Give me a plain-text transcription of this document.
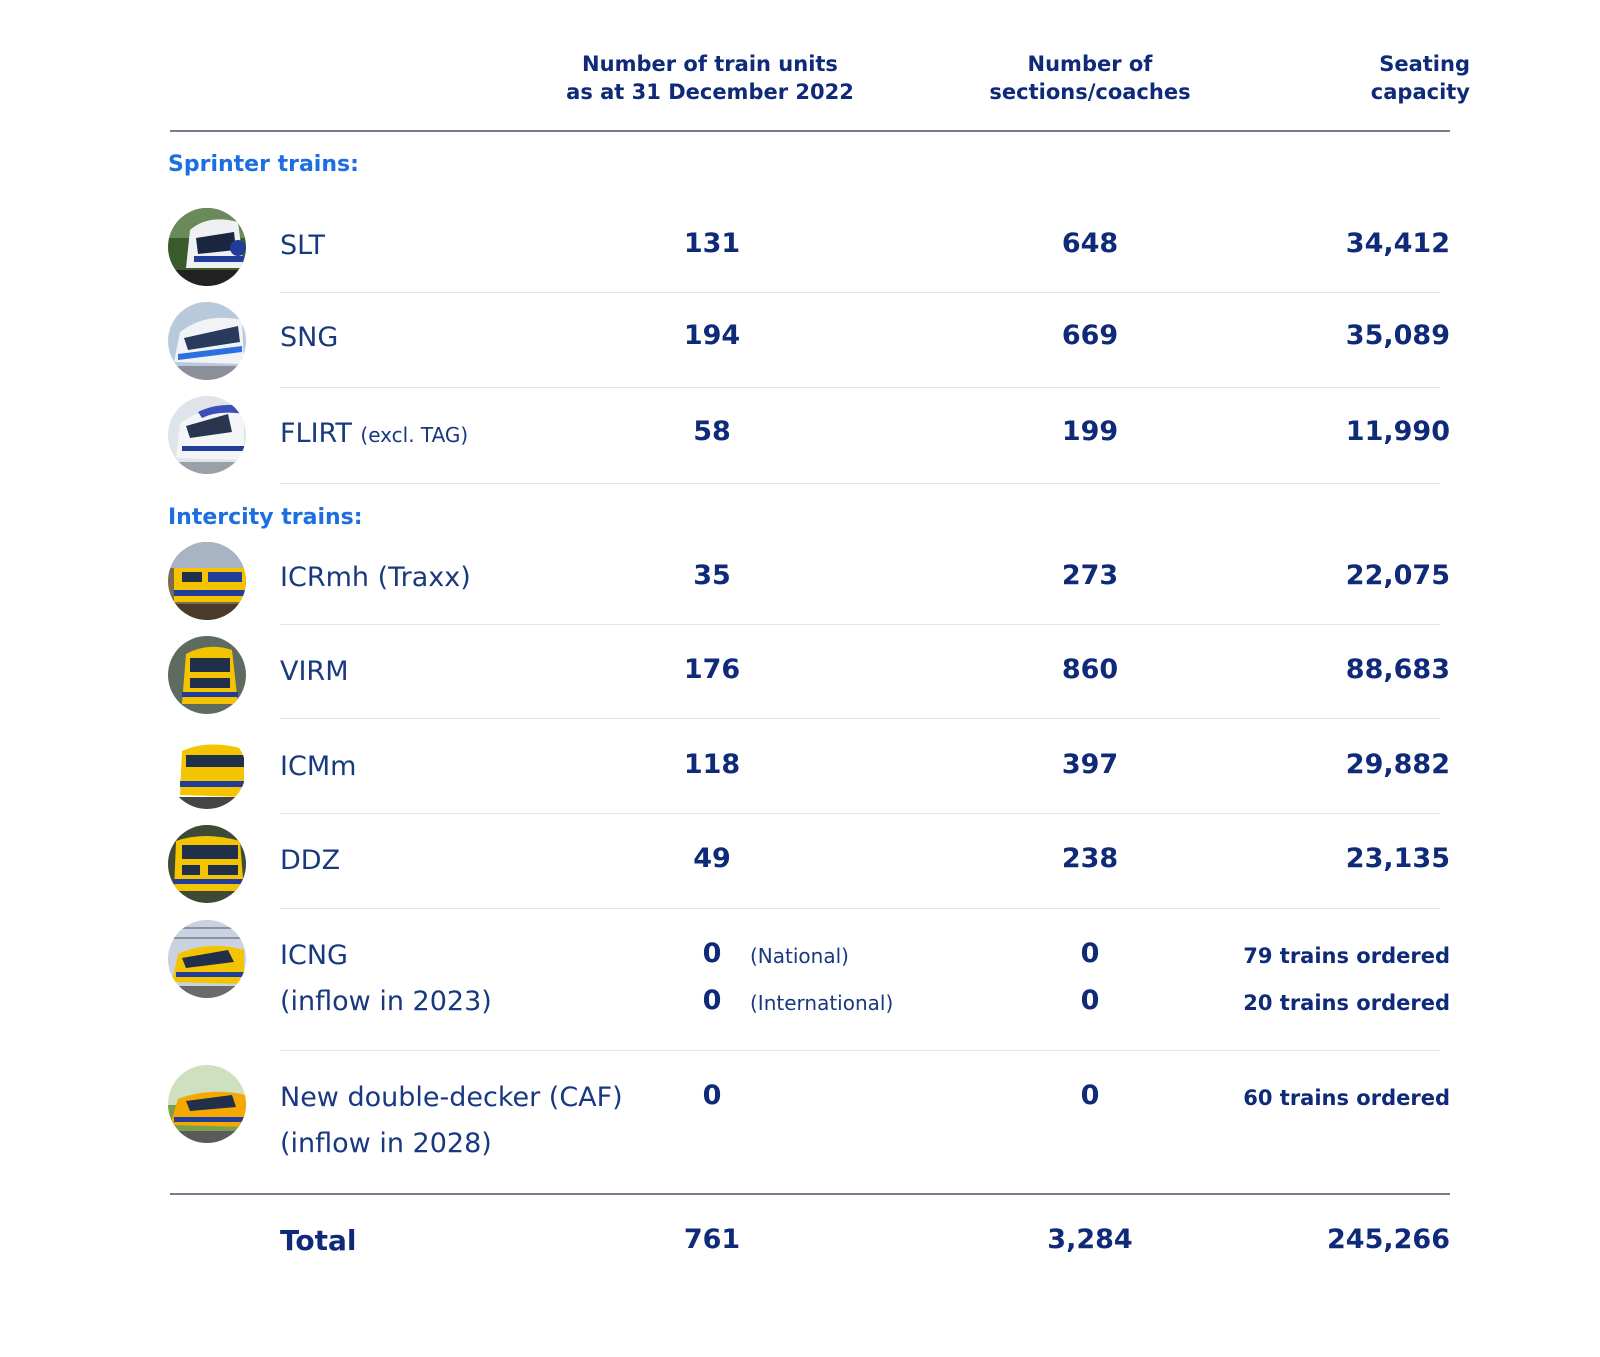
Number of train units
as at 31 December 2022
Number of
sections/coaches
Seating
capacity
Sprinter trains:
SLT	131	648	34,412
SNG	194	669	35,089
FLIRT (excl. TAG)	58	199	11,990
Intercity trains:
ICRmh (Traxx)	35	273	22,075
VIRM	176	860	88,683
ICMm	118	397	29,882
DDZ	49	238	23,135
ICNG
(inflow in 2023)
0	(National)	0	79 trains ordered
0	(International)	0	20 trains ordered
New double-decker (CAF)
(inflow in 2028)
0	0	60 trains ordered
Total	761	3,284	245,266
